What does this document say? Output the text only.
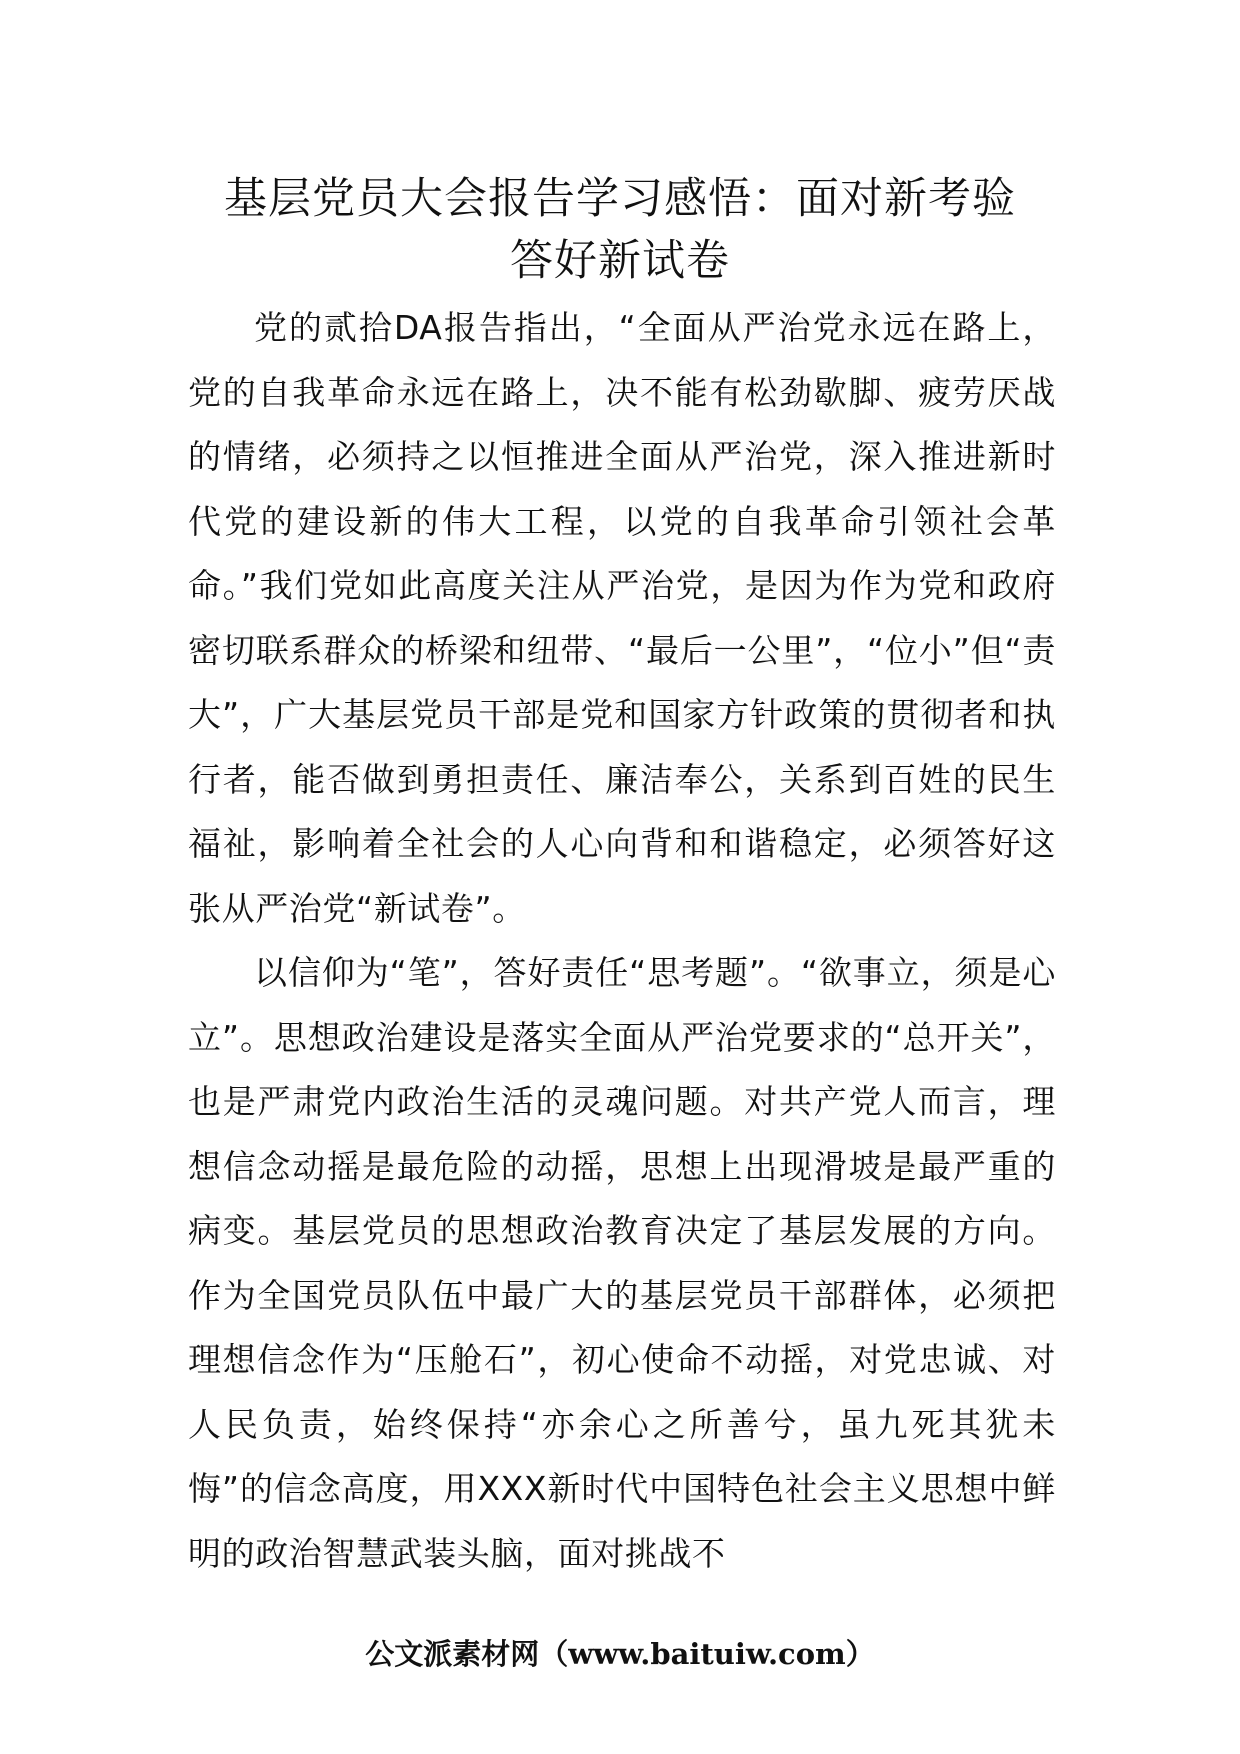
基层党员大会报告学习感悟：面对新考验
答好新试卷

党的贰拾DA报告指出，“全面从严治党永远在路上，党的自我革命永远在路上，决不能有松劲歇脚、疲劳厌战的情绪，必须持之以恒推进全面从严治党，深入推进新时代党的建设新的伟大工程，以党的自我革命引领社会革命。”我们党如此高度关注从严治党，是因为作为党和政府密切联系群众的桥梁和纽带、“最后一公里”，“位小”但“责大”，广大基层党员干部是党和国家方针政策的贯彻者和执行者，能否做到勇担责任、廉洁奉公，关系到百姓的民生福祉，影响着全社会的人心向背和和谐稳定，必须答好这张从严治党“新试卷”。

以信仰为“笔”，答好责任“思考题”。“欲事立，须是心立”。思想政治建设是落实全面从严治党要求的“总开关”，也是严肃党内政治生活的灵魂问题。对共产党人而言，理想信念动摇是最危险的动摇，思想上出现滑坡是最严重的病变。基层党员的思想政治教育决定了基层发展的方向。作为全国党员队伍中最广大的基层党员干部群体，必须把理想信念作为“压舱石”，初心使命不动摇，对党忠诚、对人民负责，始终保持“亦余心之所善兮，虽九死其犹未悔”的信念高度，用XXX新时代中国特色社会主义思想中鲜明的政治智慧武装头脑，面对挑战不

公文派素材网（www.baituiw.com）
